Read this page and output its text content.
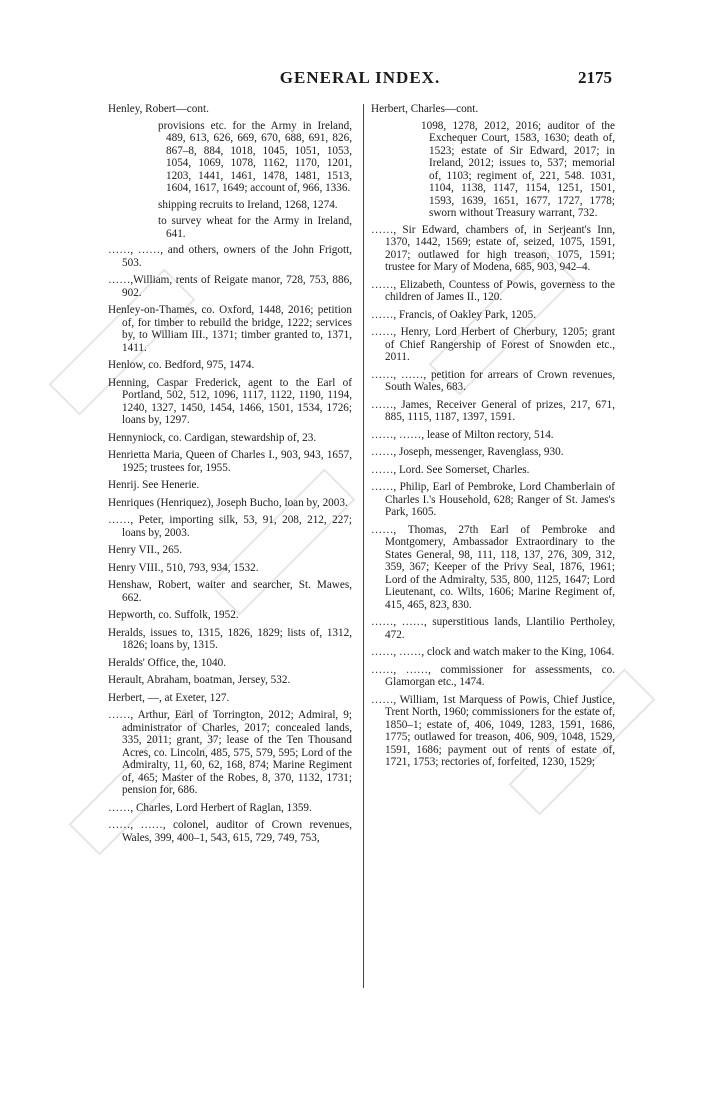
GENERAL INDEX.	2175
Henley, Robert—cont.
provisions etc. for the Army in Ireland, 489, 613, 626, 669, 670, 688, 691, 826, 867–8, 884, 1018, 1045, 1051, 1053, 1054, 1069, 1078, 1162, 1170, 1201, 1203, 1441, 1461, 1478, 1481, 1513, 1604, 1617, 1649; account of, 966, 1336.
shipping recruits to Ireland, 1268, 1274.
to survey wheat for the Army in Ireland, 641.
……, ……, and others, owners of the John Frigott, 503.
……,William, rents of Reigate manor, 728, 753, 886, 902.
Henley-on-Thames, co. Oxford, 1448, 2016; petition of, for timber to rebuild the bridge, 1222; services by, to William III., 1371; timber granted to, 1371, 1411.
Henlow, co. Bedford, 975, 1474.
Henning, Caspar Frederick, agent to the Earl of Portland, 502, 512, 1096, 1117, 1122, 1190, 1194, 1240, 1327, 1450, 1454, 1466, 1501, 1534, 1726; loans by, 1297.
Hennyniock, co. Cardigan, stewardship of, 23.
Henrietta Maria, Queen of Charles I., 903, 943, 1657, 1925; trustees for, 1955.
Henrij. See Henerie.
Henriques (Henriquez), Joseph Bucho, loan by, 2003.
……, Peter, importing silk, 53, 91, 208, 212, 227; loans by, 2003.
Henry VII., 265.
Henry VIII., 510, 793, 934, 1532.
Henshaw, Robert, waiter and searcher, St. Mawes, 662.
Hepworth, co. Suffolk, 1952.
Heralds, issues to, 1315, 1826, 1829; lists of, 1312, 1826; loans by, 1315.
Heralds' Office, the, 1040.
Herault, Abraham, boatman, Jersey, 532.
Herbert, —, at Exeter, 127.
……, Arthur, Earl of Torrington, 2012; Admiral, 9; administrator of Charles, 2017; concealed lands, 335, 2011; grant, 37; lease of the Ten Thousand Acres, co. Lincoln, 485, 575, 579, 595; Lord of the Admiralty, 11, 60, 62, 168, 874; Marine Regiment of, 465; Master of the Robes, 8, 370, 1132, 1731; pension for, 686.
……, Charles, Lord Herbert of Raglan, 1359.
……, ……, colonel, auditor of Crown revenues, Wales, 399, 400–1, 543, 615, 729, 749, 753,
Herbert, Charles—cont.
1098, 1278, 2012, 2016; auditor of the Exchequer Court, 1583, 1630; death of, 1523; estate of Sir Edward, 2017; in Ireland, 2012; issues to, 537; memorial of, 1103; regiment of, 221, 548. 1031, 1104, 1138, 1147, 1154, 1251, 1501, 1593, 1639, 1651, 1677, 1727, 1778; sworn without Treasury warrant, 732.
……, Sir Edward, chambers of, in Serjeant's Inn, 1370, 1442, 1569; estate of, seized, 1075, 1591, 2017; outlawed for high treason, 1075, 1591; trustee for Mary of Modena, 685, 903, 942–4.
……, Elizabeth, Countess of Powis, governess to the children of James II., 120.
……, Francis, of Oakley Park, 1205.
……, Henry, Lord Herbert of Cherbury, 1205; grant of Chief Rangership of Forest of Snowden etc., 2011.
……, ……, petition for arrears of Crown revenues, South Wales, 683.
……, James, Receiver General of prizes, 217, 671, 885, 1115, 1187, 1397, 1591.
……, ……, lease of Milton rectory, 514.
……, Joseph, messenger, Ravenglass, 930.
……, Lord. See Somerset, Charles.
……, Philip, Earl of Pembroke, Lord Chamberlain of Charles I.'s Household, 628; Ranger of St. James's Park, 1605.
……, Thomas, 27th Earl of Pembroke and Montgomery, Ambassador Extraordinary to the States General, 98, 111, 118, 137, 276, 309, 312, 359, 367; Keeper of the Privy Seal, 1876, 1961; Lord of the Admiralty, 535, 800, 1125, 1647; Lord Lieutenant, co. Wilts, 1606; Marine Regiment of, 415, 465, 823, 830.
……, ……, superstitious lands, Llantilio Pertholey, 472.
……, ……, clock and watch maker to the King, 1064.
……, ……, commissioner for assessments, co. Glamorgan etc., 1474.
……, William, 1st Marquess of Powis, Chief Justice, Trent North, 1960; commissioners for the estate of, 1850–1; estate of, 406, 1049, 1283, 1591, 1686, 1775; outlawed for treason, 406, 909, 1048, 1529, 1591, 1686; payment out of rents of estate of, 1721, 1753; rectories of, forfeited, 1230, 1529;
